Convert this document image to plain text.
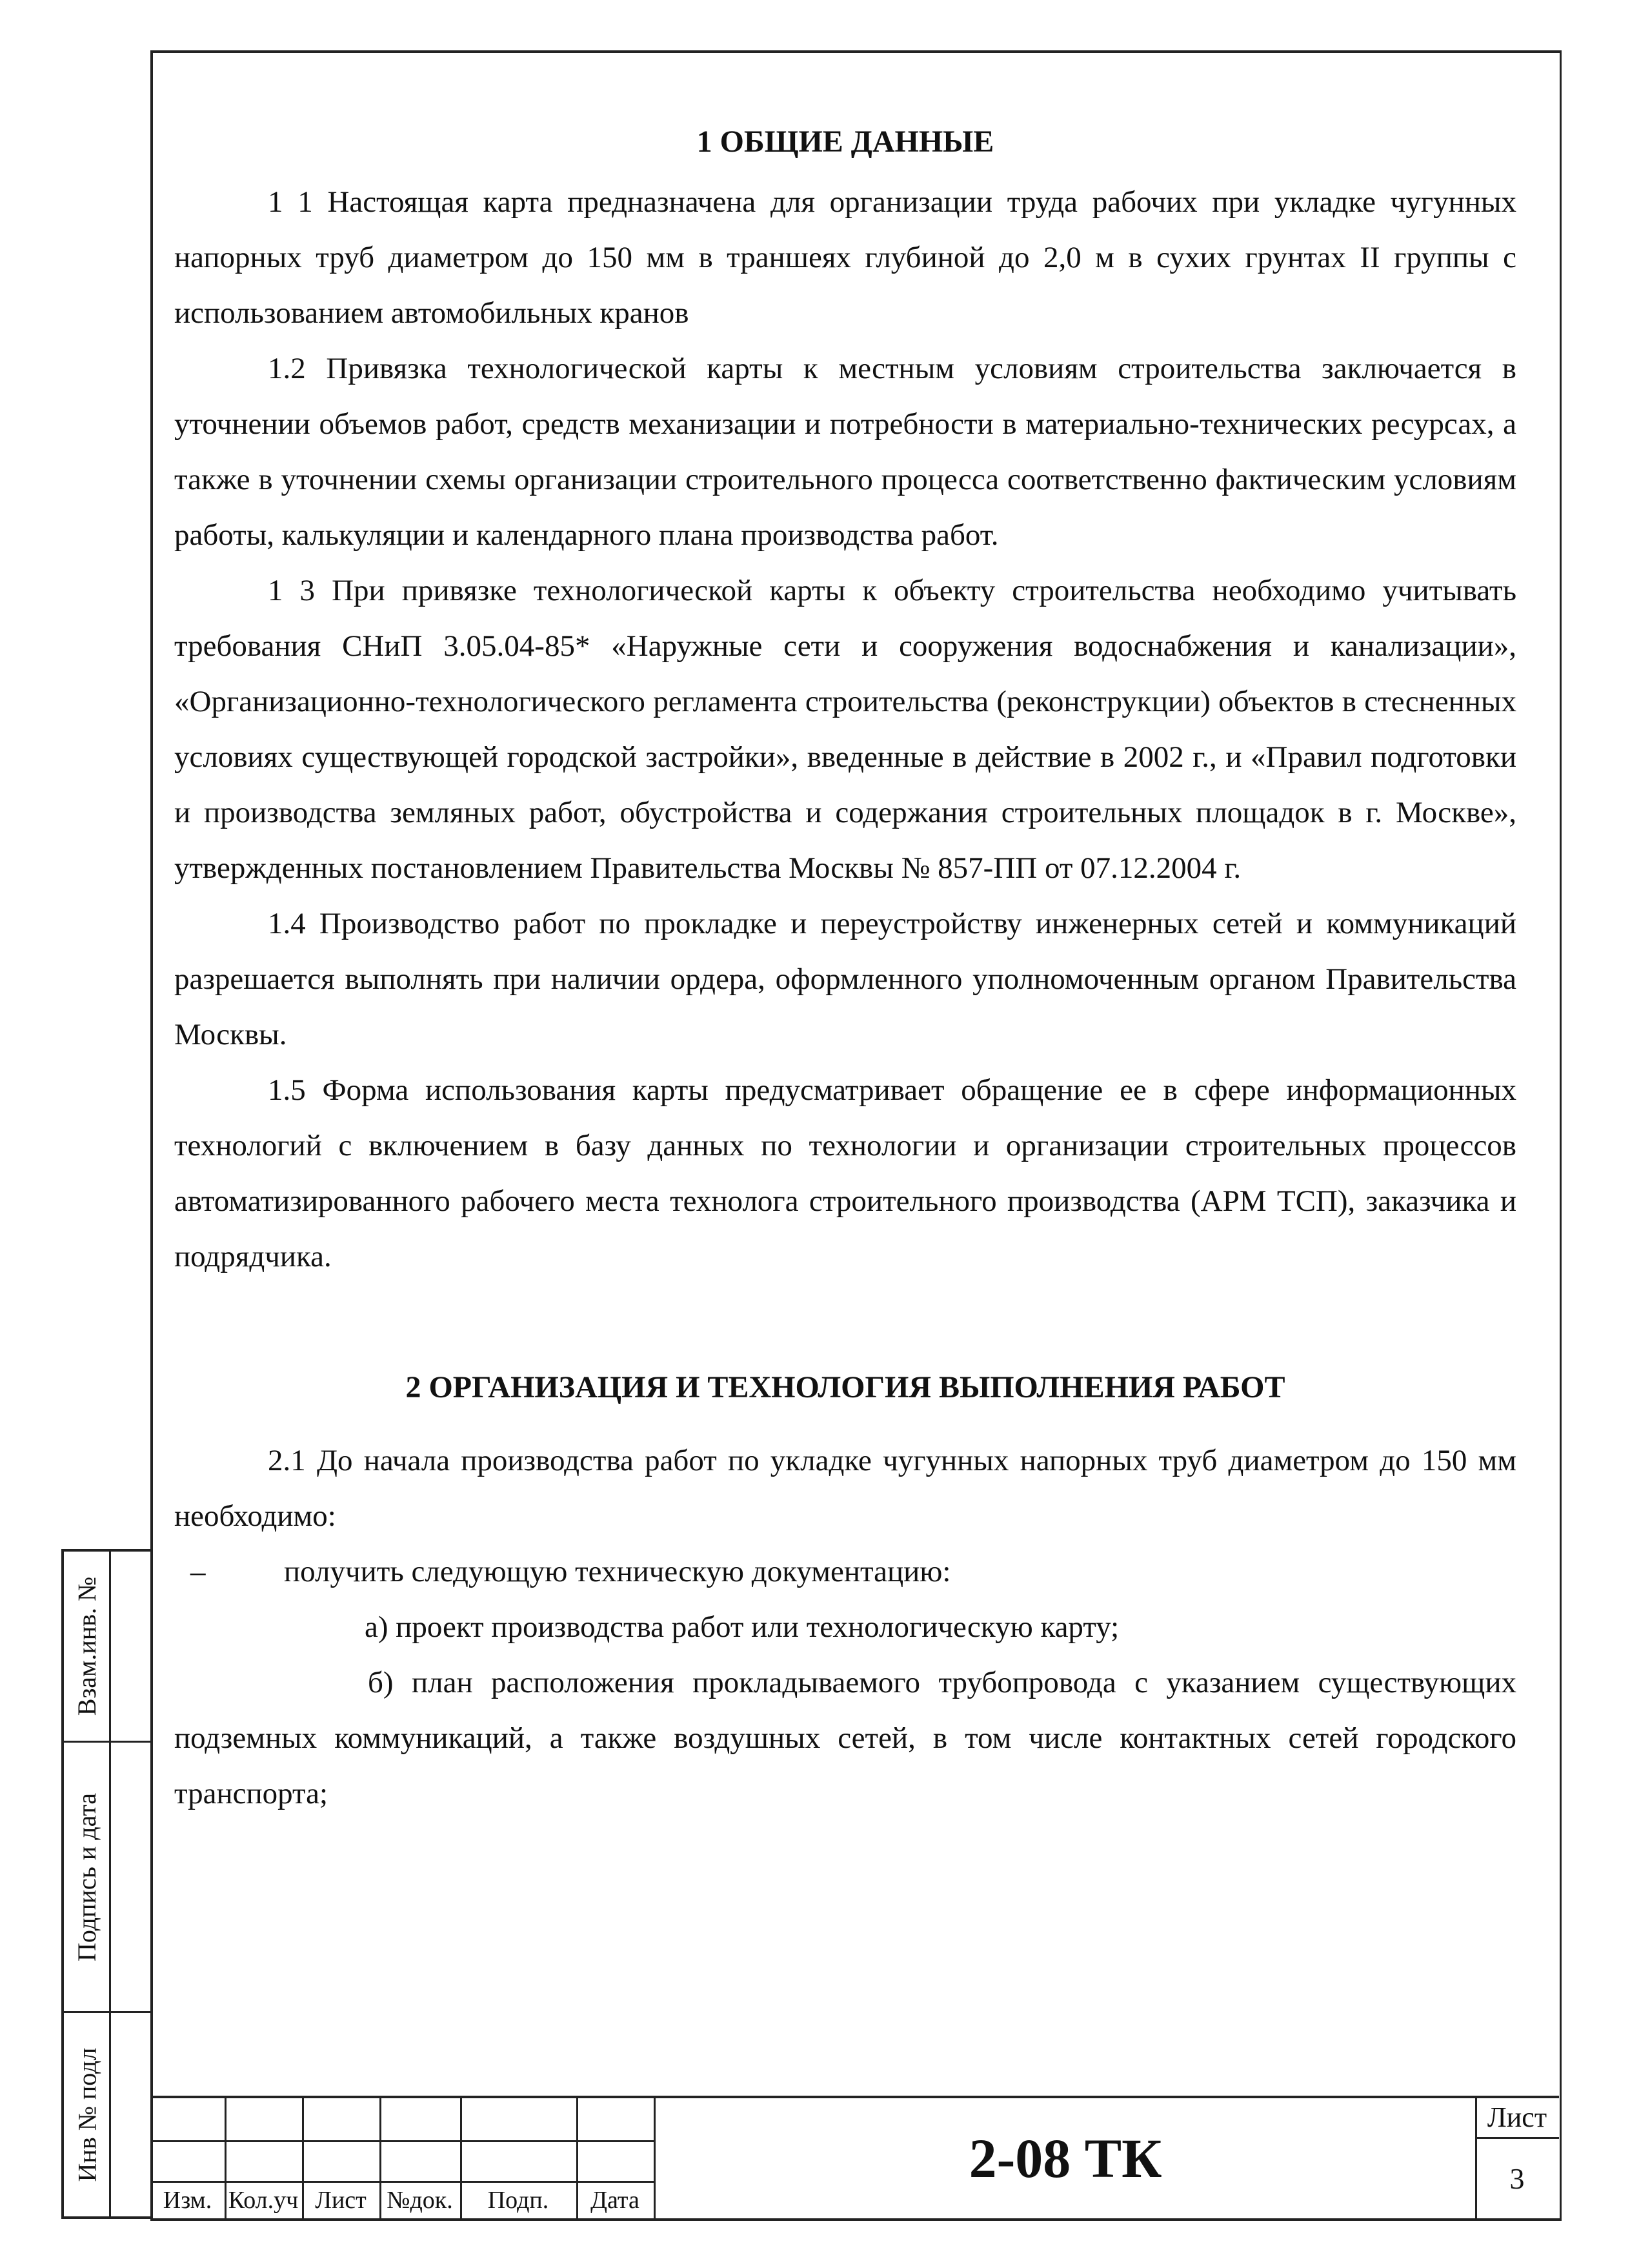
1 ОБЩИЕ ДАННЫЕ

1 1 Настоящая карта предназначена для организации труда рабочих при укладке чугунных напорных труб диаметром до 150 мм в траншеях глубиной до 2,0 м в сухих грунтах II группы с использованием автомобильных кранов

1.2 Привязка технологической карты к местным условиям строительства заключается в уточнении объемов работ, средств механизации и потребности в материально-технических ресурсах, а также в уточнении схемы организации строительного процесса соответственно фактическим условиям работы, калькуляции и календарного плана производства работ.

1 3 При привязке технологической карты к объекту строительства необходимо учитывать требования СНиП 3.05.04-85* «Наружные сети и сооружения водоснабжения и канализации», «Организационно-технологического регламента строительства (реконструкции) объектов в стесненных условиях существующей городской застройки», введенные в действие в 2002 г., и «Правил подготовки и производства земляных работ, обустройства и содержания строительных площадок в г. Москве», утвержденных постановлением Правительства Москвы № 857-ПП от 07.12.2004 г.

1.4 Производство работ по прокладке и переустройству инженерных сетей и коммуникаций разрешается выполнять при наличии ордера, оформленного уполномоченным органом Правительства Москвы.

1.5 Форма использования карты предусматривает обращение ее в сфере информационных технологий с включением в базу данных по технологии и организации строительных процессов автоматизированного рабочего места технолога строительного производства (АРМ ТСП), заказчика и подрядчика.

2 ОРГАНИЗАЦИЯ И ТЕХНОЛОГИЯ ВЫПОЛНЕНИЯ РАБОТ

2.1 До начала производства работ по укладке чугунных напорных труб диаметром до 150 мм необходимо:

–	получить следующую техническую документацию:

а) проект производства работ или технологическую карту;

б) план расположения прокладываемого трубопровода с указанием существующих подземных коммуникаций, а также воздушных сетей, в том числе контактных сетей городского транспорта;

Взам.инв. №
Подпись и дата
Инв № подл
Изм. Кол.уч Лист №док.	Подп.	Дата
2-08 ТК
Лист
3
